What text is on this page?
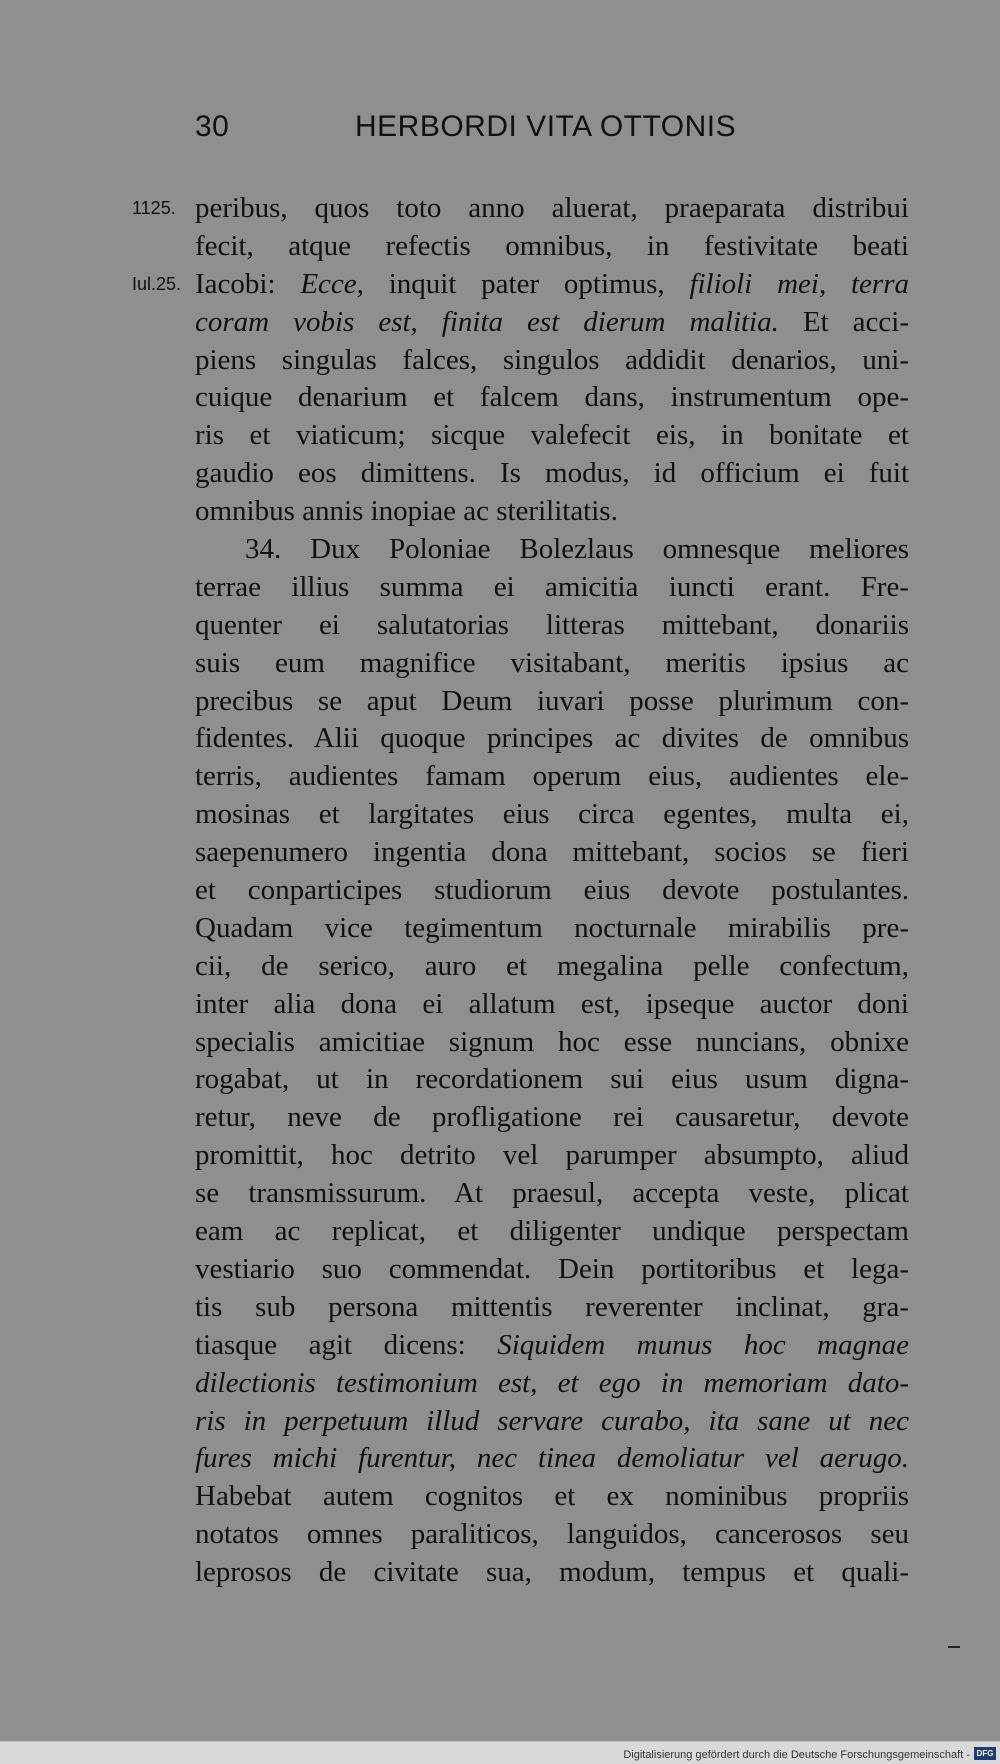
30	HERBORDI VITA OTTONIS
1125. peribus, quos toto anno aluerat, praeparata distribui
fecit, atque refectis omnibus, in festivitate beati
Iul.25. Iacobi: Ecce, inquit pater optimus, filioli mei, terra
coram vobis est, finita est dierum malitia. Et acci-
piens singulas falces, singulos addidit denarios, uni-
cuique denarium et falcem dans, instrumentum ope-
ris et viaticum; sicque valefecit eis, in bonitate et
gaudio eos dimittens. Is modus, id officium ei fuit
omnibus annis inopiae ac sterilitatis.
34. Dux Poloniae Bolezlaus omnesque meliores
terrae illius summa ei amicitia iuncti erant. Fre-
quenter ei salutatorias litteras mittebant, donariis
suis eum magnifice visitabant, meritis ipsius ac
precibus se aput Deum iuvari posse plurimum con-
fidentes. Alii quoque principes ac divites de omnibus
terris, audientes famam operum eius, audientes ele-
mosinas et largitates eius circa egentes, multa ei,
saepenumero ingentia dona mittebant, socios se fieri
et conparticipes studiorum eius devote postulantes.
Quadam vice tegimentum nocturnale mirabilis pre-
cii, de serico, auro et megalina pelle confectum,
inter alia dona ei allatum est, ipseque auctor doni
specialis amicitiae signum hoc esse nuncians, obnixe
rogabat, ut in recordationem sui eius usum digna-
retur, neve de profligatione rei causaretur, devote
promittit, hoc detrito vel parumper absumpto, aliud
se transmissurum. At praesul, accepta veste, plicat
eam ac replicat, et diligenter undique perspectam
vestiario suo commendat. Dein portitoribus et lega-
tis sub persona mittentis reverenter inclinat, gra-
tiasque agit dicens: Siquidem munus hoc magnae
dilectionis testimonium est, et ego in memoriam dato-
ris in perpetuum illud servare curabo, ita sane ut nec
fures michi furentur, nec tinea demoliatur vel aerugo.
Habebat autem cognitos et ex nominibus propriis
notatos omnes paraliticos, languidos, cancerosos seu
leprosos de civitate sua, modum, tempus et quali-
Digitalisierung gefördert durch die Deutsche Forschungsgemeinschaft - DFG
